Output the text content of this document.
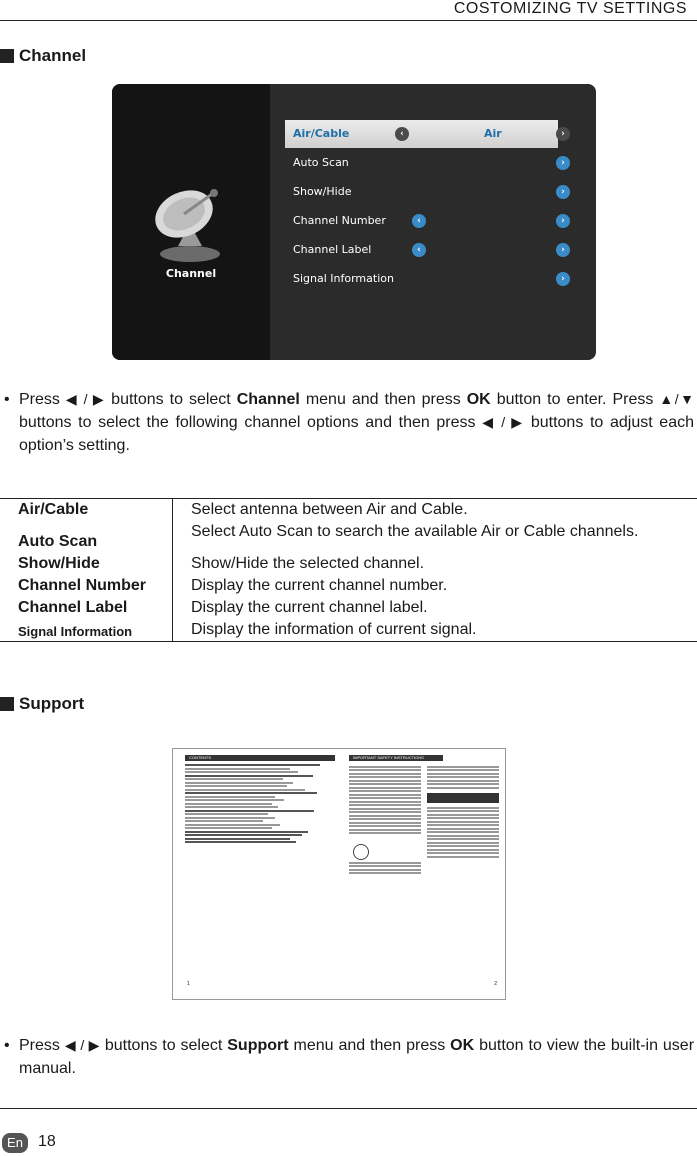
COSTOMIZING TV SETTINGS
Channel
Channel
Air/Cable	‹	Air	›
Auto Scan	›
Show/Hide	›
Channel Number	‹	›
Channel Label	‹	›
Signal Information	›
• Press ◀ / ▶ buttons to select Channel menu and then press OK button to enter. Press ▲/▼ buttons to select the following channel options and then press ◀ / ▶ buttons to adjust each option’s setting.
Air/Cable	Select antenna between Air and Cable.
Auto Scan	Select Auto Scan to search the available Air or Cable channels.
Show/Hide	Show/Hide the selected channel.
Channel Number	Display the current channel number.
Channel Label	Display the current channel label.
Signal Information	Display the information of current signal.
Support
CONTENTS
1
IMPORTANT SAFETY INSTRUCTIONS
2
• Press ◀ / ▶ buttons to select Support menu and then press OK button to view the built-in user manual.
En 18
